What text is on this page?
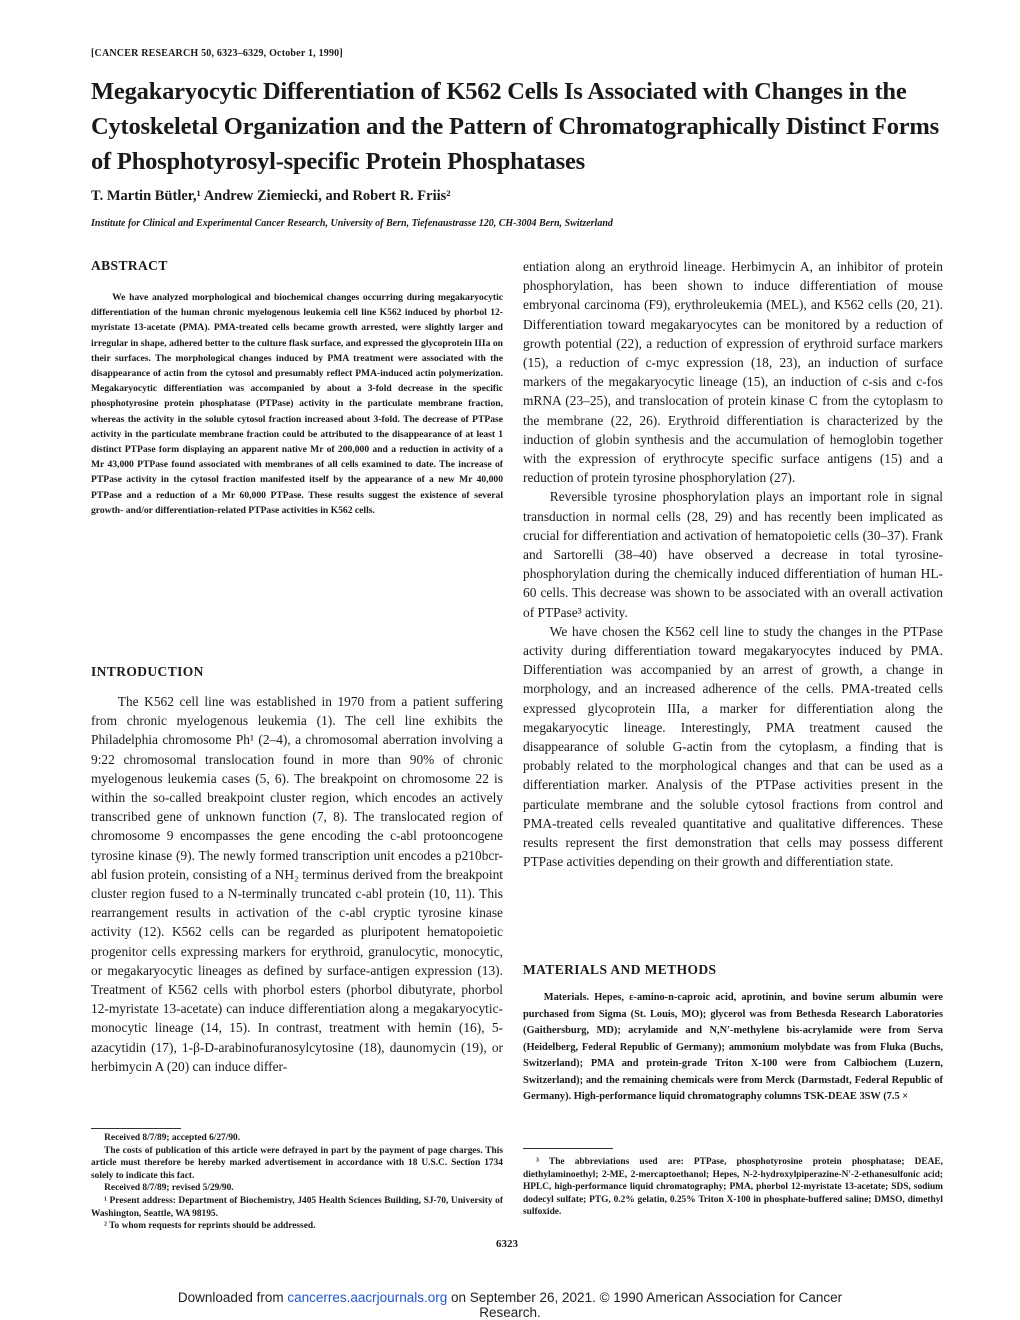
[CANCER RESEARCH 50, 6323–6329, October 1, 1990]
Megakaryocytic Differentiation of K562 Cells Is Associated with Changes in the Cytoskeletal Organization and the Pattern of Chromatographically Distinct Forms of Phosphotyrosyl-specific Protein Phosphatases
T. Martin Bütler,¹ Andrew Ziemiecki, and Robert R. Friis²
Institute for Clinical and Experimental Cancer Research, University of Bern, Tiefenaustrasse 120, CH-3004 Bern, Switzerland
ABSTRACT

We have analyzed morphological and biochemical changes occurring during megakaryocytic differentiation of the human chronic myelogenous leukemia cell line K562 induced by phorbol 12-myristate 13-acetate (PMA). PMA-treated cells became growth arrested, were slightly larger and irregular in shape, adhered better to the culture flask surface, and expressed the glycoprotein IIIa on their surfaces. The morphological changes induced by PMA treatment were associated with the disappearance of actin from the cytosol and presumably reflect PMA-induced actin polymerization. Megakaryocytic differentiation was accompanied by about a 3-fold decrease in the specific phosphotyrosine protein phosphatase (PTPase) activity in the particulate membrane fraction, whereas the activity in the soluble cytosol fraction increased about 3-fold. The decrease of PTPase activity in the particulate membrane fraction could be attributed to the disappearance of at least 1 distinct PTPase form displaying an apparent native Mr of 200,000 and a reduction in activity of a Mr 43,000 PTPase found associated with membranes of all cells examined to date. The increase of PTPase activity in the cytosol fraction manifested itself by the appearance of a new Mr 40,000 PTPase and a reduction of a Mr 60,000 PTPase. These results suggest the existence of several growth- and/or differentiation-related PTPase activities in K562 cells.

INTRODUCTION

The K562 cell line was established in 1970 from a patient suffering from chronic myelogenous leukemia (1). The cell line exhibits the Philadelphia chromosome Ph¹ (2–4), a chromosomal aberration involving a 9:22 chromosomal translocation found in more than 90% of chronic myelogenous leukemia cases (5, 6). The breakpoint on chromosome 22 is within the so-called breakpoint cluster region, which encodes an actively transcribed gene of unknown function (7, 8). The translocated region of chromosome 9 encompasses the gene encoding the c-abl protooncogene tyrosine kinase (9). The newly formed transcription unit encodes a p210bcr-abl fusion protein, consisting of a NH₂ terminus derived from the breakpoint cluster region fused to a N-terminally truncated c-abl protein (10, 11). This rearrangement results in activation of the c-abl cryptic tyrosine kinase activity (12). K562 cells can be regarded as pluripotent hematopoietic progenitor cells expressing markers for erythroid, granulocytic, monocytic, or megakaryocytic lineages as defined by surface-antigen expression (13). Treatment of K562 cells with phorbol esters (phorbol dibutyrate, phorbol 12-myristate 13-acetate) can induce differentiation along a megakaryocytic-monocytic lineage (14, 15). In contrast, treatment with hemin (16), 5-azacytidin (17), 1-β-D-arabinofuranosylcytosine (18), daunomycin (19), or herbimycin A (20) can induce differ-

entiation along an erythroid lineage. Herbimycin A, an inhibitor of protein phosphorylation, has been shown to induce differentiation of mouse embryonal carcinoma (F9), erythroleukemia (MEL), and K562 cells (20, 21). Differentiation toward megakaryocytes can be monitored by a reduction of growth potential (22), a reduction of expression of erythroid surface markers (15), a reduction of c-myc expression (18, 23), an induction of surface markers of the megakaryocytic lineage (15), an induction of c-sis and c-fos mRNA (23–25), and translocation of protein kinase C from the cytoplasm to the membrane (22, 26). Erythroid differentiation is characterized by the induction of globin synthesis and the accumulation of hemoglobin together with the expression of erythrocyte specific surface antigens (15) and a reduction of protein tyrosine phosphorylation (27).

Reversible tyrosine phosphorylation plays an important role in signal transduction in normal cells (28, 29) and has recently been implicated as crucial for differentiation and activation of hematopoietic cells (30–37). Frank and Sartorelli (38–40) have observed a decrease in total tyrosine-phosphorylation during the chemically induced differentiation of human HL-60 cells. This decrease was shown to be associated with an overall activation of PTPase³ activity.

We have chosen the K562 cell line to study the changes in the PTPase activity during differentiation toward megakaryocytes induced by PMA. Differentiation was accompanied by an arrest of growth, a change in morphology, and an increased adherence of the cells. PMA-treated cells expressed glycoprotein IIIa, a marker for differentiation along the megakaryocytic lineage. Interestingly, PMA treatment caused the disappearance of soluble G-actin from the cytoplasm, a finding that is probably related to the morphological changes and that can be used as a differentiation marker. Analysis of the PTPase activities present in the particulate membrane and the soluble cytosol fractions from control and PMA-treated cells revealed quantitative and qualitative differences. These results represent the first demonstration that cells may possess different PTPase activities depending on their growth and differentiation state.

MATERIALS AND METHODS

Materials. Hepes, ε-amino-n-caproic acid, aprotinin, and bovine serum albumin were purchased from Sigma (St. Louis, MO); glycerol was from Bethesda Research Laboratories (Gaithersburg, MD); acrylamide and N,N′-methylene bis-acrylamide were from Serva (Heidelberg, Federal Republic of Germany); ammonium molybdate was from Fluka (Buchs, Switzerland); PMA and protein-grade Triton X-100 were from Calbiochem (Luzern, Switzerland); and the remaining chemicals were from Merck (Darmstadt, Federal Republic of Germany). High-performance liquid chromatography columns TSK-DEAE 3SW (7.5 ×

Received 8/7/89; accepted 6/27/90.

The costs of publication of this article were defrayed in part by the payment of page charges. This article must therefore be hereby marked advertisement in accordance with 18 U.S.C. Section 1734 solely to indicate this fact.

Received 8/7/89; revised 5/29/90.

¹ Present address: Department of Biochemistry, J405 Health Sciences Building, SJ-70, University of Washington, Seattle, WA 98195.

² To whom requests for reprints should be addressed.

³ The abbreviations used are: PTPase, phosphotyrosine protein phosphatase; DEAE, diethylaminoethyl; 2-ME, 2-mercaptoethanol; Hepes, N-2-hydroxylpiperazine-N′-2-ethanesulfonic acid; HPLC, high-performance liquid chromatography; PMA, phorbol 12-myristate 13-acetate; SDS, sodium dodecyl sulfate; PTG, 0.2% gelatin, 0.25% Triton X-100 in phosphate-buffered saline; DMSO, dimethyl sulfoxide.

6323
Downloaded from cancerres.aacrjournals.org on September 26, 2021. © 1990 American Association for Cancer
Research.
